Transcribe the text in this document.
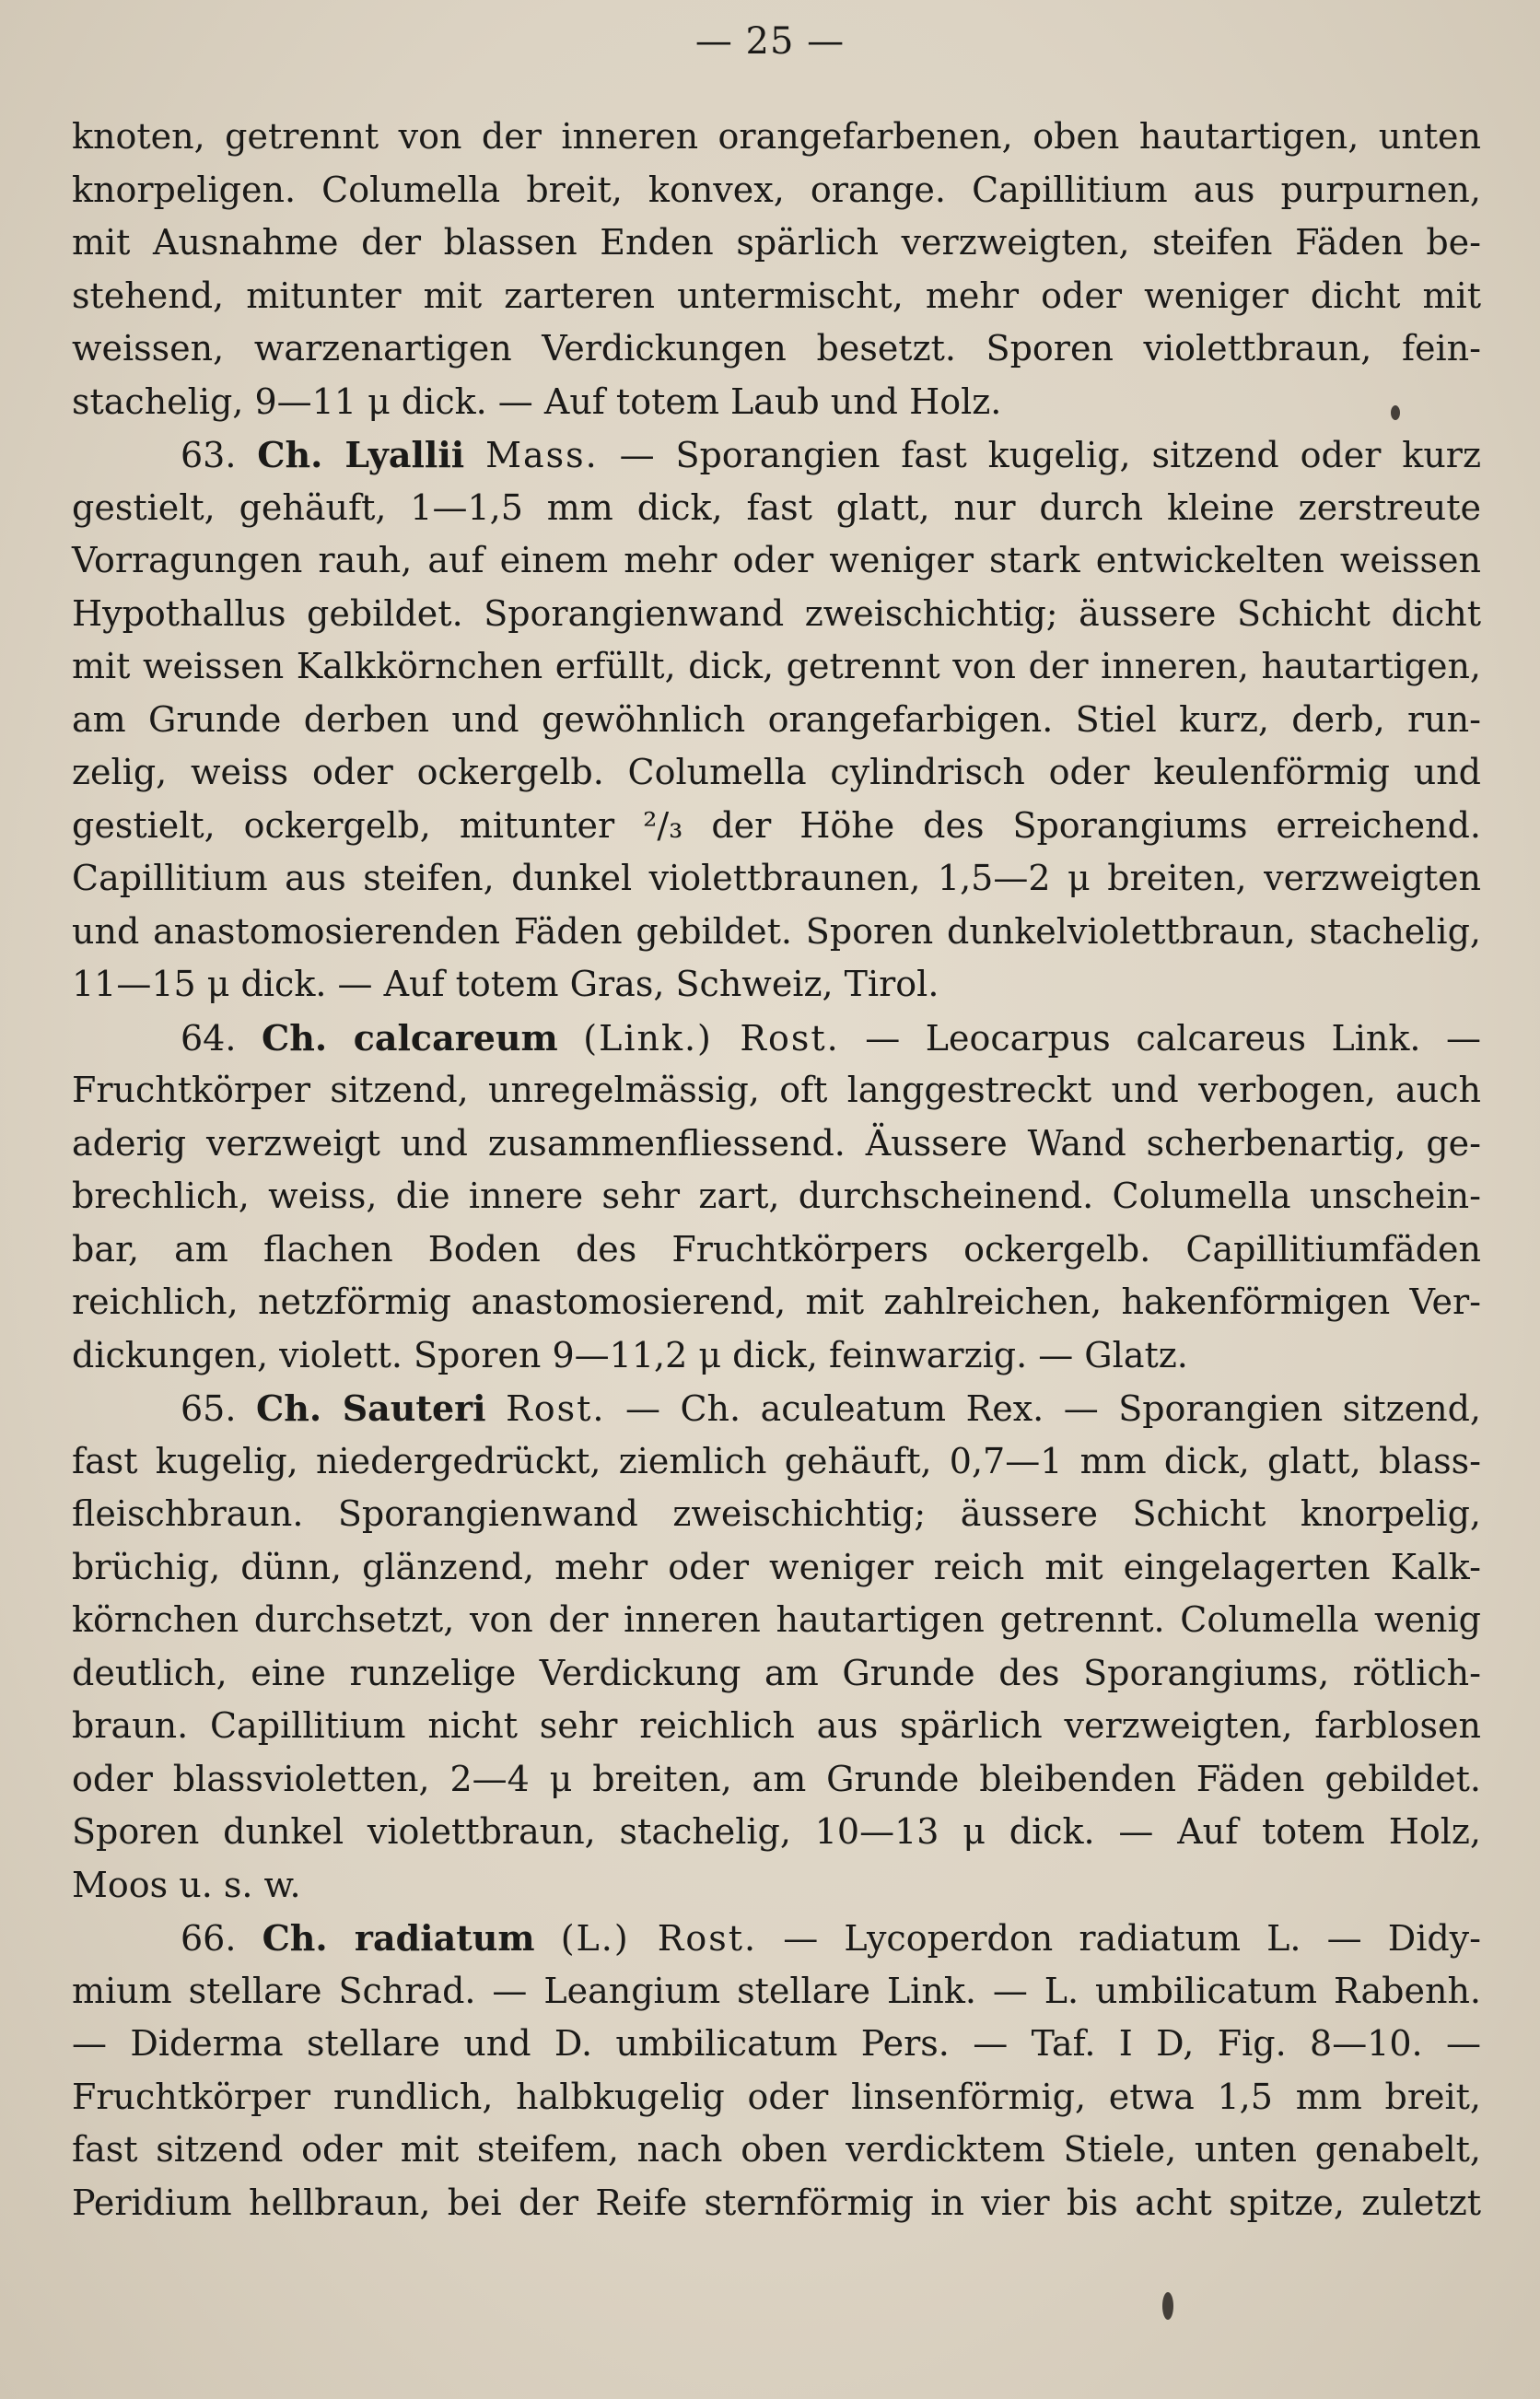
— 25 —
knoten, getrennt von der inneren orangefarbenen, oben hautartigen, unten
knorpeligen. Columella breit, konvex, orange. Capillitium aus purpurnen,
mit Ausnahme der blassen Enden spärlich verzweigten, steifen Fäden be-
stehend, mitunter mit zarteren untermischt, mehr oder weniger dicht mit
weissen, warzenartigen Verdickungen besetzt. Sporen violettbraun, fein-
stachelig, 9—11 μ dick. — Auf totem Laub und Holz.
63. Ch. Lyallii Mass. — Sporangien fast kugelig, sitzend oder kurz
gestielt, gehäuft, 1—1,5 mm dick, fast glatt, nur durch kleine zerstreute
Vorragungen rauh, auf einem mehr oder weniger stark entwickelten weissen
Hypothallus gebildet. Sporangienwand zweischichtig; äussere Schicht dicht
mit weissen Kalkkörnchen erfüllt, dick, getrennt von der inneren, hautartigen,
am Grunde derben und gewöhnlich orangefarbigen. Stiel kurz, derb, run-
zelig, weiss oder ockergelb. Columella cylindrisch oder keulenförmig und
gestielt, ockergelb, mitunter ²/₃ der Höhe des Sporangiums erreichend.
Capillitium aus steifen, dunkel violettbraunen, 1,5—2 μ breiten, verzweigten
und anastomosierenden Fäden gebildet. Sporen dunkelviolettbraun, stachelig,
11—15 μ dick. — Auf totem Gras, Schweiz, Tirol.
64. Ch. calcareum (Link.) Rost. — Leocarpus calcareus Link. —
Fruchtkörper sitzend, unregelmässig, oft langgestreckt und verbogen, auch
aderig verzweigt und zusammenfliessend. Äussere Wand scherbenartig, ge-
brechlich, weiss, die innere sehr zart, durchscheinend. Columella unschein-
bar, am flachen Boden des Fruchtkörpers ockergelb. Capillitiumfäden
reichlich, netzförmig anastomosierend, mit zahlreichen, hakenförmigen Ver-
dickungen, violett. Sporen 9—11,2 μ dick, feinwarzig. — Glatz.
65. Ch. Sauteri Rost. — Ch. aculeatum Rex. — Sporangien sitzend,
fast kugelig, niedergedrückt, ziemlich gehäuft, 0,7—1 mm dick, glatt, blass-
fleischbraun. Sporangienwand zweischichtig; äussere Schicht knorpelig,
brüchig, dünn, glänzend, mehr oder weniger reich mit eingelagerten Kalk-
körnchen durchsetzt, von der inneren hautartigen getrennt. Columella wenig
deutlich, eine runzelige Verdickung am Grunde des Sporangiums, rötlich-
braun. Capillitium nicht sehr reichlich aus spärlich verzweigten, farblosen
oder blassvioletten, 2—4 μ breiten, am Grunde bleibenden Fäden gebildet.
Sporen dunkel violettbraun, stachelig, 10—13 μ dick. — Auf totem Holz,
Moos u. s. w.
66. Ch. radiatum (L.) Rost. — Lycoperdon radiatum L. — Didy-
mium stellare Schrad. — Leangium stellare Link. — L. umbilicatum Rabenh.
— Diderma stellare und D. umbilicatum Pers. — Taf. I D, Fig. 8—10. —
Fruchtkörper rundlich, halbkugelig oder linsenförmig, etwa 1,5 mm breit,
fast sitzend oder mit steifem, nach oben verdicktem Stiele, unten genabelt,
Peridium hellbraun, bei der Reife sternförmig in vier bis acht spitze, zuletzt
